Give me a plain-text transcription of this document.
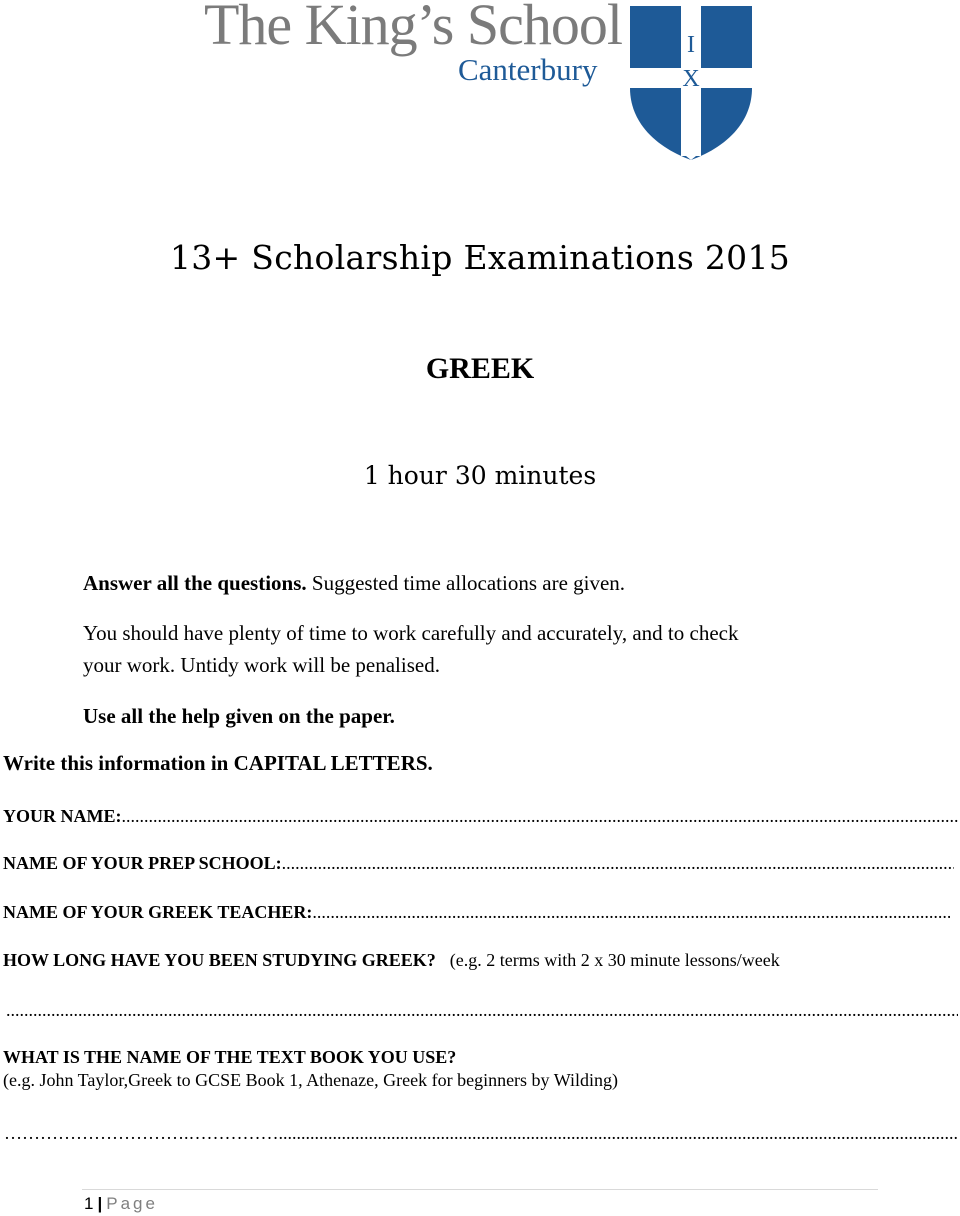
The King’s School
Canterbury
I
X
13+ Scholarship Examinations 2015
GREEK
1 hour 30 minutes
Answer all the questions. Suggested time allocations are given.
You should have plenty of time to work carefully and accurately, and to check
your work. Untidy work will be penalised.
Use all the help given on the paper.
Write this information in CAPITAL LETTERS.
YOUR NAME:
.....
NAME OF YOUR PREP SCHOOL:
.....
NAME OF YOUR GREEK TEACHER:
.....
HOW LONG HAVE YOU BEEN STUDYING GREEK? (e.g. 2 terms with 2 x 30 minute lessons/week
.....
WHAT IS THE NAME OF THE TEXT BOOK YOU USE?
(e.g. John Taylor,Greek to GCSE Book 1, Athenaze, Greek for beginners by Wilding)
………………………….……………
.....
1 | Page
